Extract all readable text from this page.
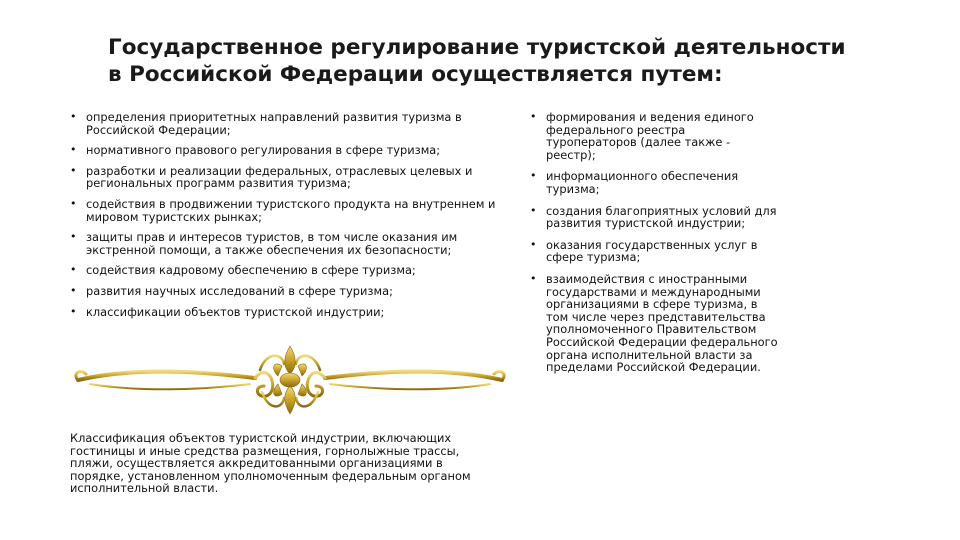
Государственное регулирование туристской деятельности
в Российской Федерации осуществляется путем:
• определения приоритетных направлений развития туризма в Российской Федерации;
• нормативного правового регулирования в сфере туризма;
• разработки и реализации федеральных, отраслевых целевых и региональных программ развития туризма;
• содействия в продвижении туристского продукта на внутреннем и мировом туристских рынках;
• защиты прав и интересов туристов, в том числе оказания им экстренной помощи, а также обеспечения их безопасности;
• содействия кадровому обеспечению в сфере туризма;
• развития научных исследований в сфере туризма;
• классификации объектов туристской индустрии;
• формирования и ведения единого федерального реестра туроператоров (далее также - реестр);
• информационного обеспечения туризма;
• создания благоприятных условий для развития туристской индустрии;
• оказания государственных услуг в сфере туризма;
• взаимодействия с иностранными государствами и международными организациями в сфере туризма, в том числе через представительства уполномоченного Правительством Российской Федерации федерального органа исполнительной власти за пределами Российской Федерации.
Классификация объектов туристской индустрии, включающих гостиницы и иные средства размещения, горнолыжные трассы, пляжи, осуществляется аккредитованными организациями в порядке, установленном уполномоченным федеральным органом исполнительной власти.
